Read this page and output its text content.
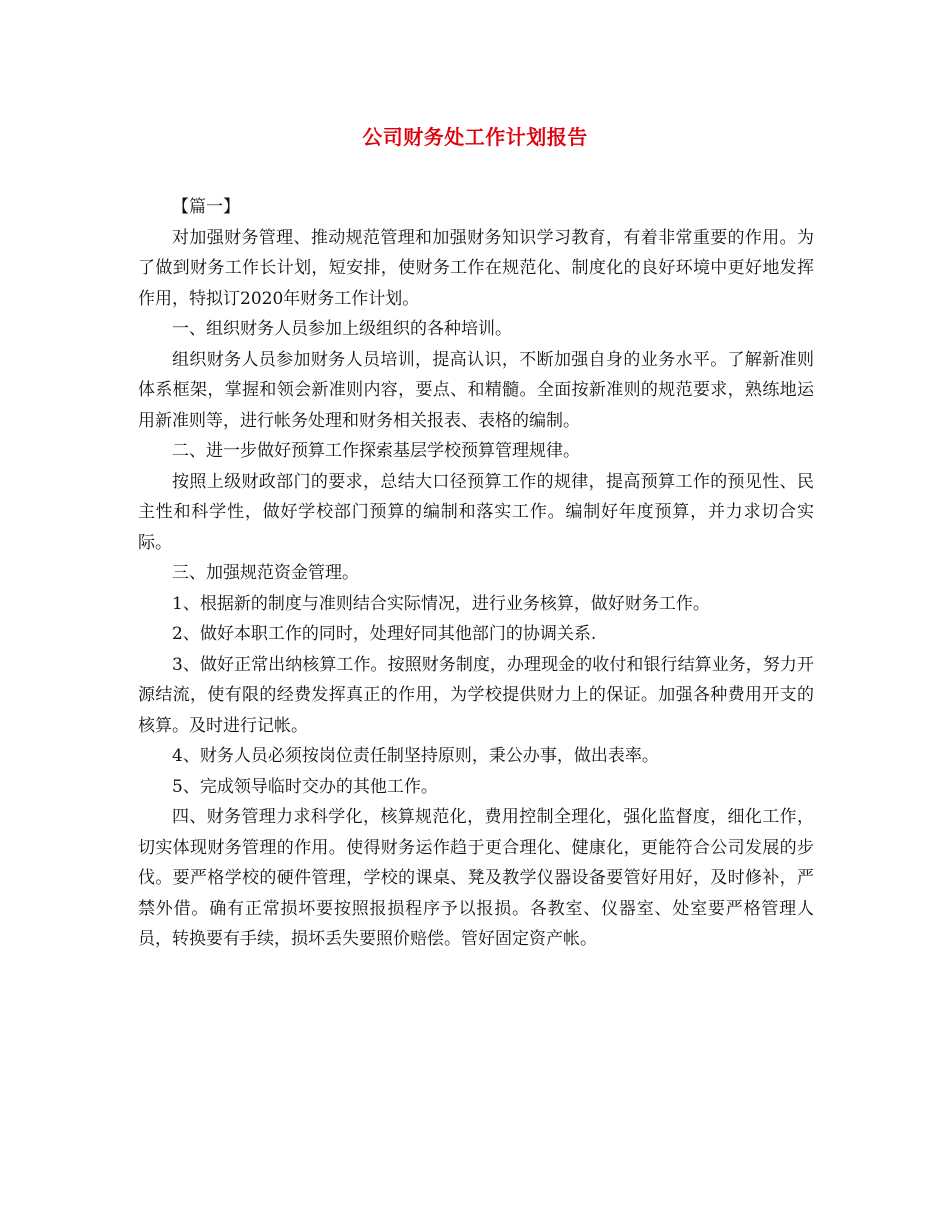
公司财务处工作计划报告

【篇一】

对加强财务管理、推动规范管理和加强财务知识学习教育，有着非常重要的作用。为了做到财务工作长计划，短安排，使财务工作在规范化、制度化的良好环境中更好地发挥作用，特拟订2020年财务工作计划。

一、组织财务人员参加上级组织的各种培训。

组织财务人员参加财务人员培训，提高认识，不断加强自身的业务水平。了解新准则体系框架，掌握和领会新准则内容，要点、和精髓。全面按新准则的规范要求，熟练地运用新准则等，进行帐务处理和财务相关报表、表格的编制。

二、进一步做好预算工作探索基层学校预算管理规律。

按照上级财政部门的要求，总结大口径预算工作的规律，提高预算工作的预见性、民主性和科学性，做好学校部门预算的编制和落实工作。编制好年度预算，并力求切合实际。

三、加强规范资金管理。

1、根据新的制度与准则结合实际情况，进行业务核算，做好财务工作。

2、做好本职工作的同时，处理好同其他部门的协调关系.

3、做好正常出纳核算工作。按照财务制度，办理现金的收付和银行结算业务，努力开源结流，使有限的经费发挥真正的作用，为学校提供财力上的保证。加强各种费用开支的核算。及时进行记帐。

4、财务人员必须按岗位责任制坚持原则，秉公办事，做出表率。

5、完成领导临时交办的其他工作。

四、财务管理力求科学化，核算规范化，费用控制全理化，强化监督度，细化工作，切实体现财务管理的作用。使得财务运作趋于更合理化、健康化，更能符合公司发展的步伐。要严格学校的硬件管理，学校的课桌、凳及教学仪器设备要管好用好，及时修补，严禁外借。确有正常损坏要按照报损程序予以报损。各教室、仪器室、处室要严格管理人员，转换要有手续，损坏丢失要照价赔偿。管好固定资产帐。
